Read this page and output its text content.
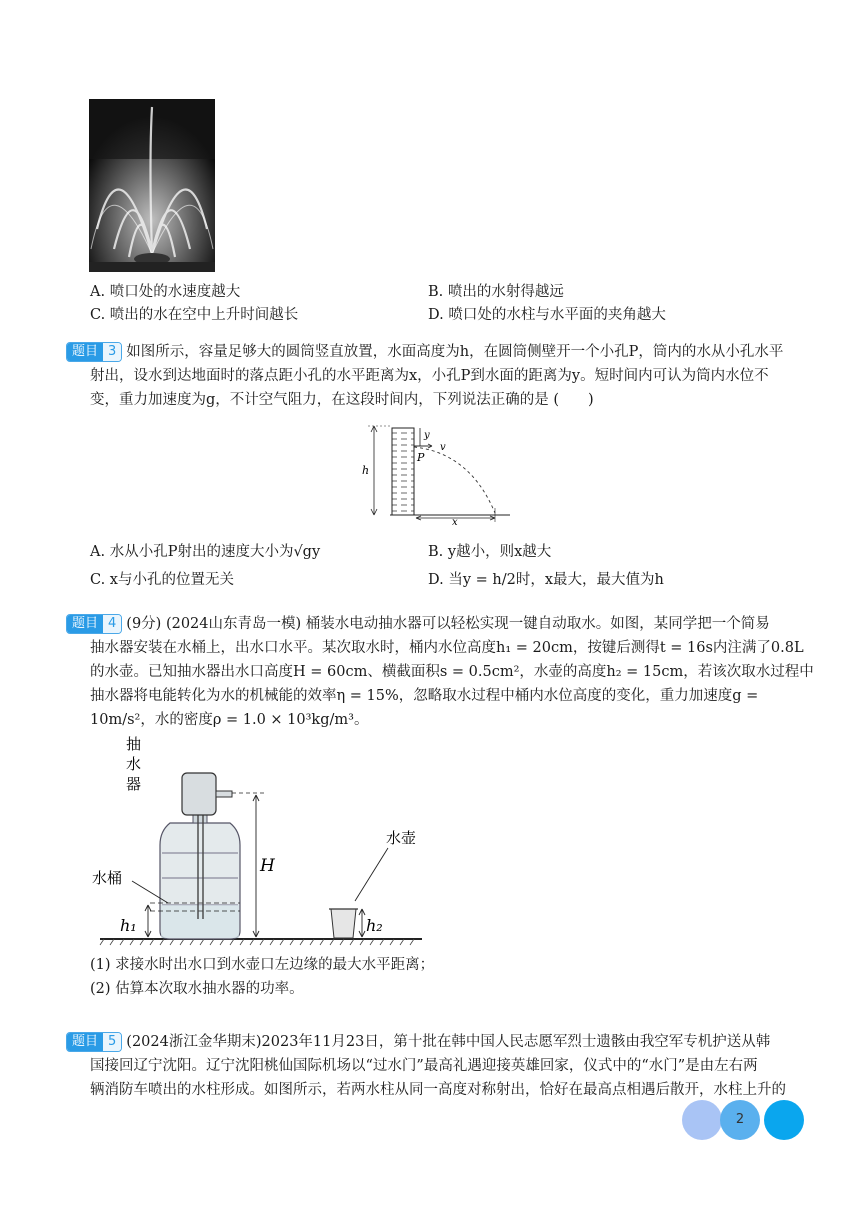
A. 喷口处的水速度越大	B. 喷出的水射得越远
C. 喷出的水在空中上升时间越长	D. 喷口处的水柱与水平面的夹角越大
题目 3 如图所示，容量足够大的圆筒竖直放置，水面高度为h，在圆筒侧壁开一个小孔P，筒内的水从小孔水平
射出，设水到达地面时的落点距小孔的水平距离为x，小孔P到水面的距离为y。短时间内可认为筒内水位不
变，重力加速度为g，不计空气阻力，在这段时间内，下列说法正确的是 (　　)
y
v
h
P
x
A. 水从小孔P射出的速度大小为√gy	B. y越小，则x越大
C. x与小孔的位置无关	D. 当y = h/2时，x最大，最大值为h
题目 4 (9分) (2024山东青岛一模) 桶装水电动抽水器可以轻松实现一键自动取水。如图，某同学把一个简易
抽水器安装在水桶上，出水口水平。某次取水时，桶内水位高度h₁ = 20cm，按键后测得t = 16s内注满了0.8L
的水壶。已知抽水器出水口高度H = 60cm、横截面积s = 0.5cm²，水壶的高度h₂ = 15cm，若该次取水过程中
抽水器将电能转化为水的机械能的效率η = 15%，忽略取水过程中桶内水位高度的变化，重力加速度g =
10m/s²，水的密度ρ = 1.0 × 10³kg/m³。
抽
水
器
水壶
水桶
H
h₁	h₂
(1) 求接水时出水口到水壶口左边缘的最大水平距离；
(2) 估算本次取水抽水器的功率。
题目 5 (2024浙江金华期末)2023年11月23日，第十批在韩中国人民志愿军烈士遗骸由我空军专机护送从韩
国接回辽宁沈阳。辽宁沈阳桃仙国际机场以“过水门”最高礼遇迎接英雄回家，仪式中的“水门”是由左右两
辆消防车喷出的水柱形成。如图所示，若两水柱从同一高度对称射出，恰好在最高点相遇后散开，水柱上升的
2
